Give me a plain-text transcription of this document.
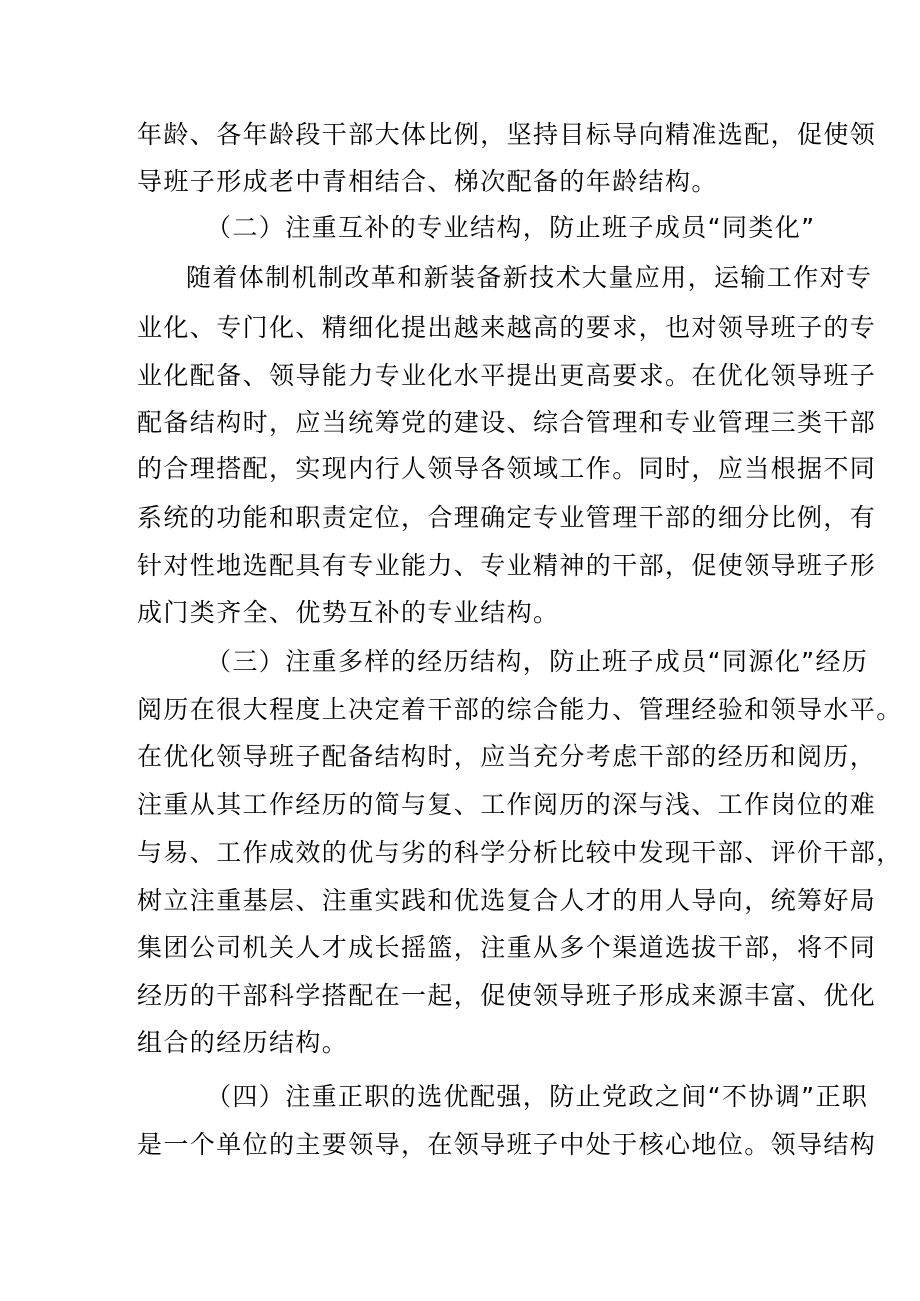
年龄、各年龄段干部大体比例，坚持目标导向精准选配，促使领
导班子形成老中青相结合、梯次配备的年龄结构。
（二）注重互补的专业结构，防止班子成员“同类化”
随着体制机制改革和新装备新技术大量应用，运输工作对专
业化、专门化、精细化提出越来越高的要求，也对领导班子的专
业化配备、领导能力专业化水平提出更高要求。在优化领导班子
配备结构时，应当统筹党的建设、综合管理和专业管理三类干部
的合理搭配，实现内行人领导各领域工作。同时，应当根据不同
系统的功能和职责定位，合理确定专业管理干部的细分比例，有
针对性地选配具有专业能力、专业精神的干部，促使领导班子形
成门类齐全、优势互补的专业结构。
（三）注重多样的经历结构，防止班子成员“同源化”经历
阅历在很大程度上决定着干部的综合能力、管理经验和领导水平。
在优化领导班子配备结构时，应当充分考虑干部的经历和阅历，
注重从其工作经历的简与复、工作阅历的深与浅、工作岗位的难
与易、工作成效的优与劣的科学分析比较中发现干部、评价干部，
树立注重基层、注重实践和优选复合人才的用人导向，统筹好局
集团公司机关人才成长摇篮，注重从多个渠道选拔干部，将不同
经历的干部科学搭配在一起，促使领导班子形成来源丰富、优化
组合的经历结构。
（四）注重正职的选优配强，防止党政之间“不协调”正职
是一个单位的主要领导，在领导班子中处于核心地位。领导结构
